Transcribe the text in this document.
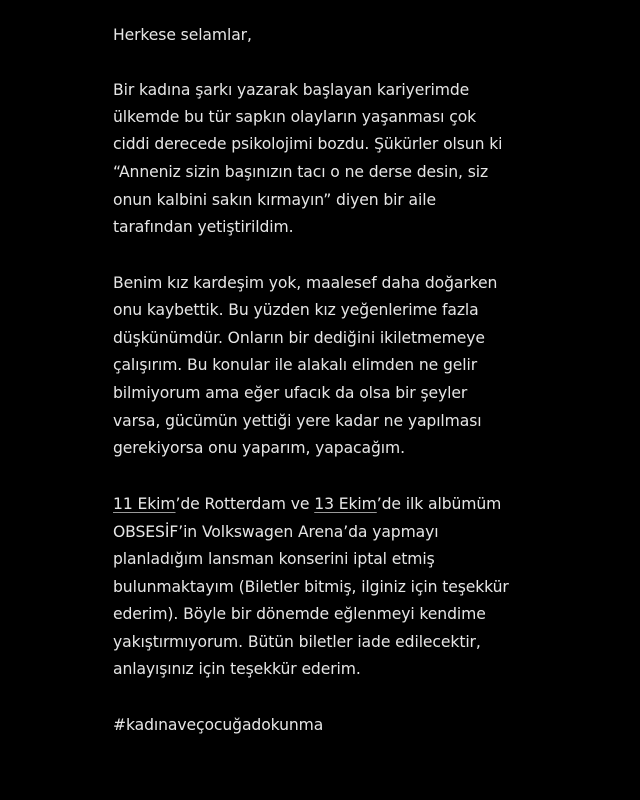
Herkese selamlar,
Bir kadına şarkı yazarak başlayan kariyerimde
ülkemde bu tür sapkın olayların yaşanması çok
ciddi derecede psikolojimi bozdu. Şükürler olsun ki
“Anneniz sizin başınızın tacı o ne derse desin, siz
onun kalbini sakın kırmayın” diyen bir aile
tarafından yetiştirildim.
Benim kız kardeşim yok, maalesef daha doğarken
onu kaybettik. Bu yüzden kız yeğenlerime fazla
düşkünümdür. Onların bir dediğini ikiletmemeye
çalışırım. Bu konular ile alakalı elimden ne gelir
bilmiyorum ama eğer ufacık da olsa bir şeyler
varsa, gücümün yettiği yere kadar ne yapılması
gerekiyorsa onu yaparım, yapacağım.
11 Ekim’de Rotterdam ve 13 Ekim’de ilk albümüm
OBSESİF’in Volkswagen Arena’da yapmayı
planladığım lansman konserini iptal etmiş
bulunmaktayım (Biletler bitmiş, ilginiz için teşekkür
ederim). Böyle bir dönemde eğlenmeyi kendime
yakıştırmıyorum. Bütün biletler iade edilecektir,
anlayışınız için teşekkür ederim.
#kadınaveçocuğadokunma
